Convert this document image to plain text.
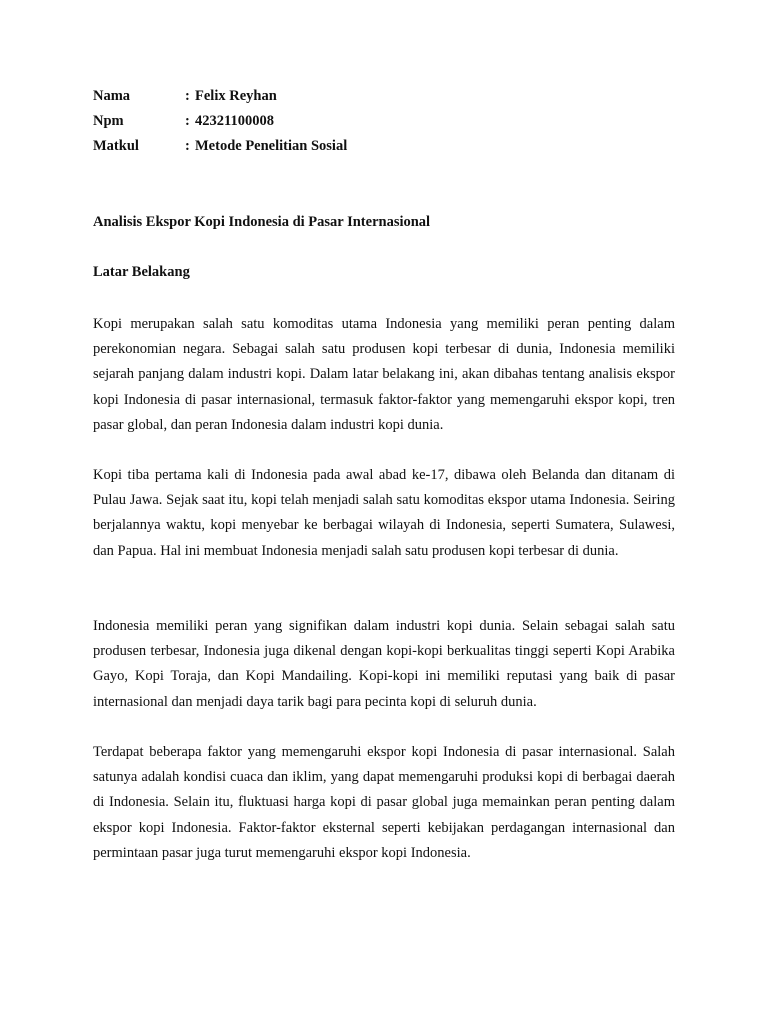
Nama	: Felix Reyhan
Npm	: 42321100008
Matkul	: Metode Penelitian Sosial
Analisis Ekspor Kopi Indonesia di Pasar Internasional
Latar Belakang

Kopi merupakan salah satu komoditas utama Indonesia yang memiliki peran penting dalam perekonomian negara. Sebagai salah satu produsen kopi terbesar di dunia, Indonesia memiliki sejarah panjang dalam industri kopi. Dalam latar belakang ini, akan dibahas tentang analisis ekspor kopi Indonesia di pasar internasional, termasuk faktor-faktor yang memengaruhi ekspor kopi, tren pasar global, dan peran Indonesia dalam industri kopi dunia.

Kopi tiba pertama kali di Indonesia pada awal abad ke-17, dibawa oleh Belanda dan ditanam di Pulau Jawa. Sejak saat itu, kopi telah menjadi salah satu komoditas ekspor utama Indonesia. Seiring berjalannya waktu, kopi menyebar ke berbagai wilayah di Indonesia, seperti Sumatera, Sulawesi, dan Papua. Hal ini membuat Indonesia menjadi salah satu produsen kopi terbesar di dunia.

Indonesia memiliki peran yang signifikan dalam industri kopi dunia. Selain sebagai salah satu produsen terbesar, Indonesia juga dikenal dengan kopi-kopi berkualitas tinggi seperti Kopi Arabika Gayo, Kopi Toraja, dan Kopi Mandailing. Kopi-kopi ini memiliki reputasi yang baik di pasar internasional dan menjadi daya tarik bagi para pecinta kopi di seluruh dunia.

Terdapat beberapa faktor yang memengaruhi ekspor kopi Indonesia di pasar internasional. Salah satunya adalah kondisi cuaca dan iklim, yang dapat memengaruhi produksi kopi di berbagai daerah di Indonesia. Selain itu, fluktuasi harga kopi di pasar global juga memainkan peran penting dalam ekspor kopi Indonesia. Faktor-faktor eksternal seperti kebijakan perdagangan internasional dan permintaan pasar juga turut memengaruhi ekspor kopi Indonesia.
